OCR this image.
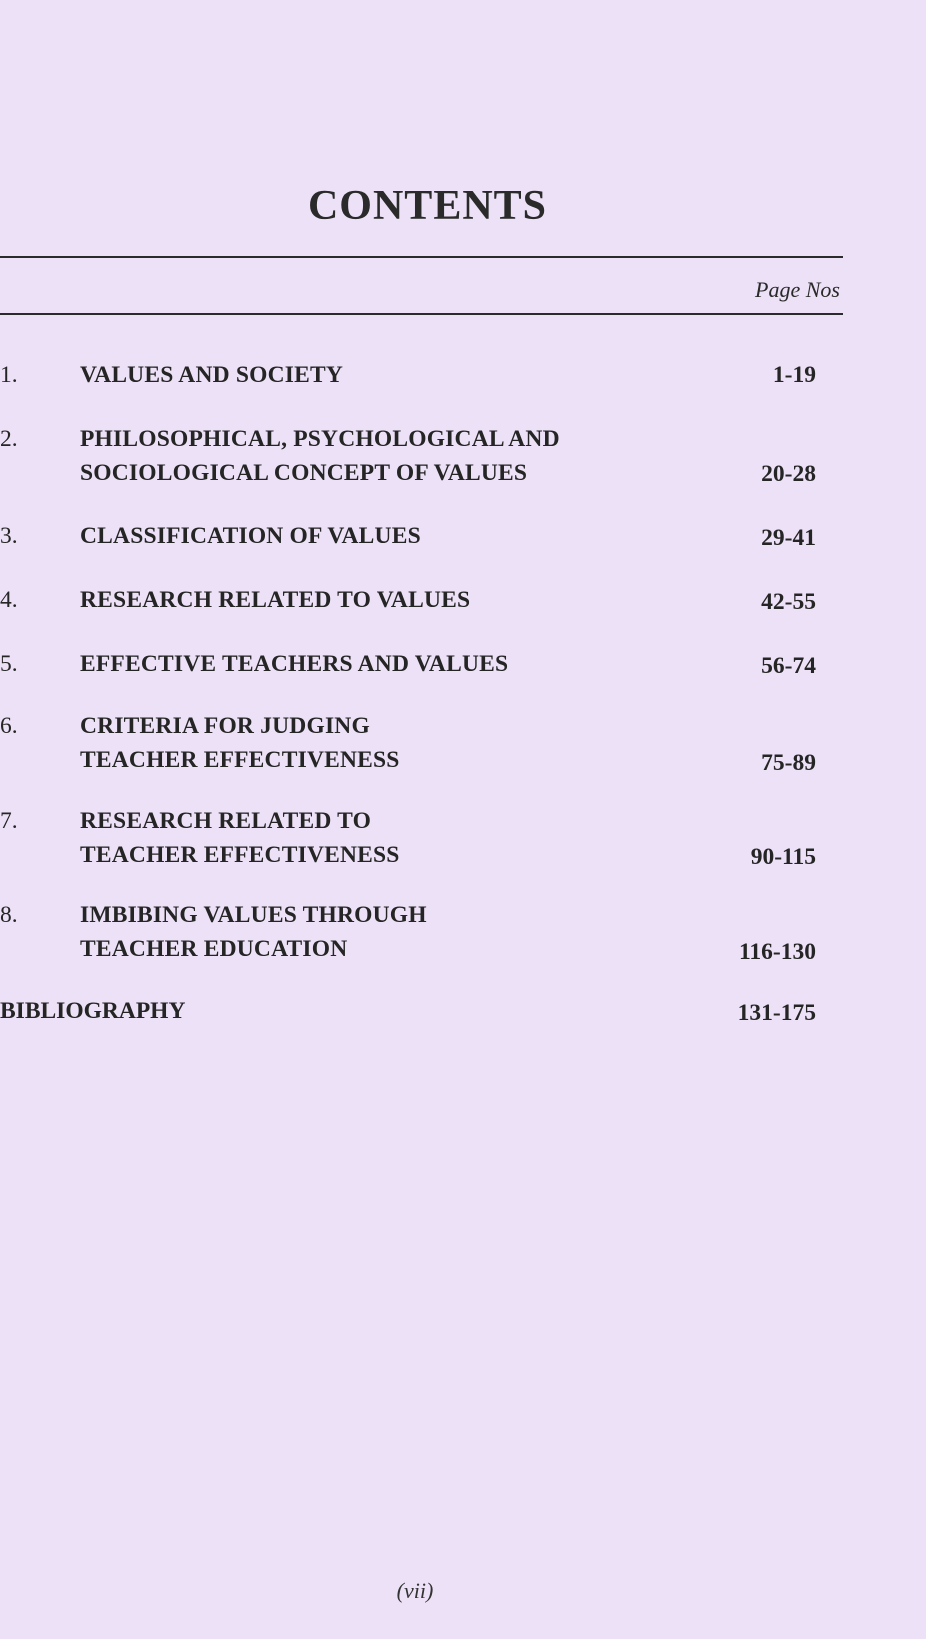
CONTENTS
Page Nos
1.	VALUES AND SOCIETY	1-19
2.	PHILOSOPHICAL, PSYCHOLOGICAL AND
SOCIOLOGICAL CONCEPT OF VALUES	20-28
3.	CLASSIFICATION OF VALUES	29-41
4.	RESEARCH RELATED TO VALUES	42-55
5.	EFFECTIVE TEACHERS AND VALUES	56-74
6.	CRITERIA FOR JUDGING
TEACHER EFFECTIVENESS	75-89
7.	RESEARCH RELATED TO
TEACHER EFFECTIVENESS	90-115
8.	IMBIBING VALUES THROUGH
TEACHER EDUCATION	116-130
BIBLIOGRAPHY	131-175
(vii)
